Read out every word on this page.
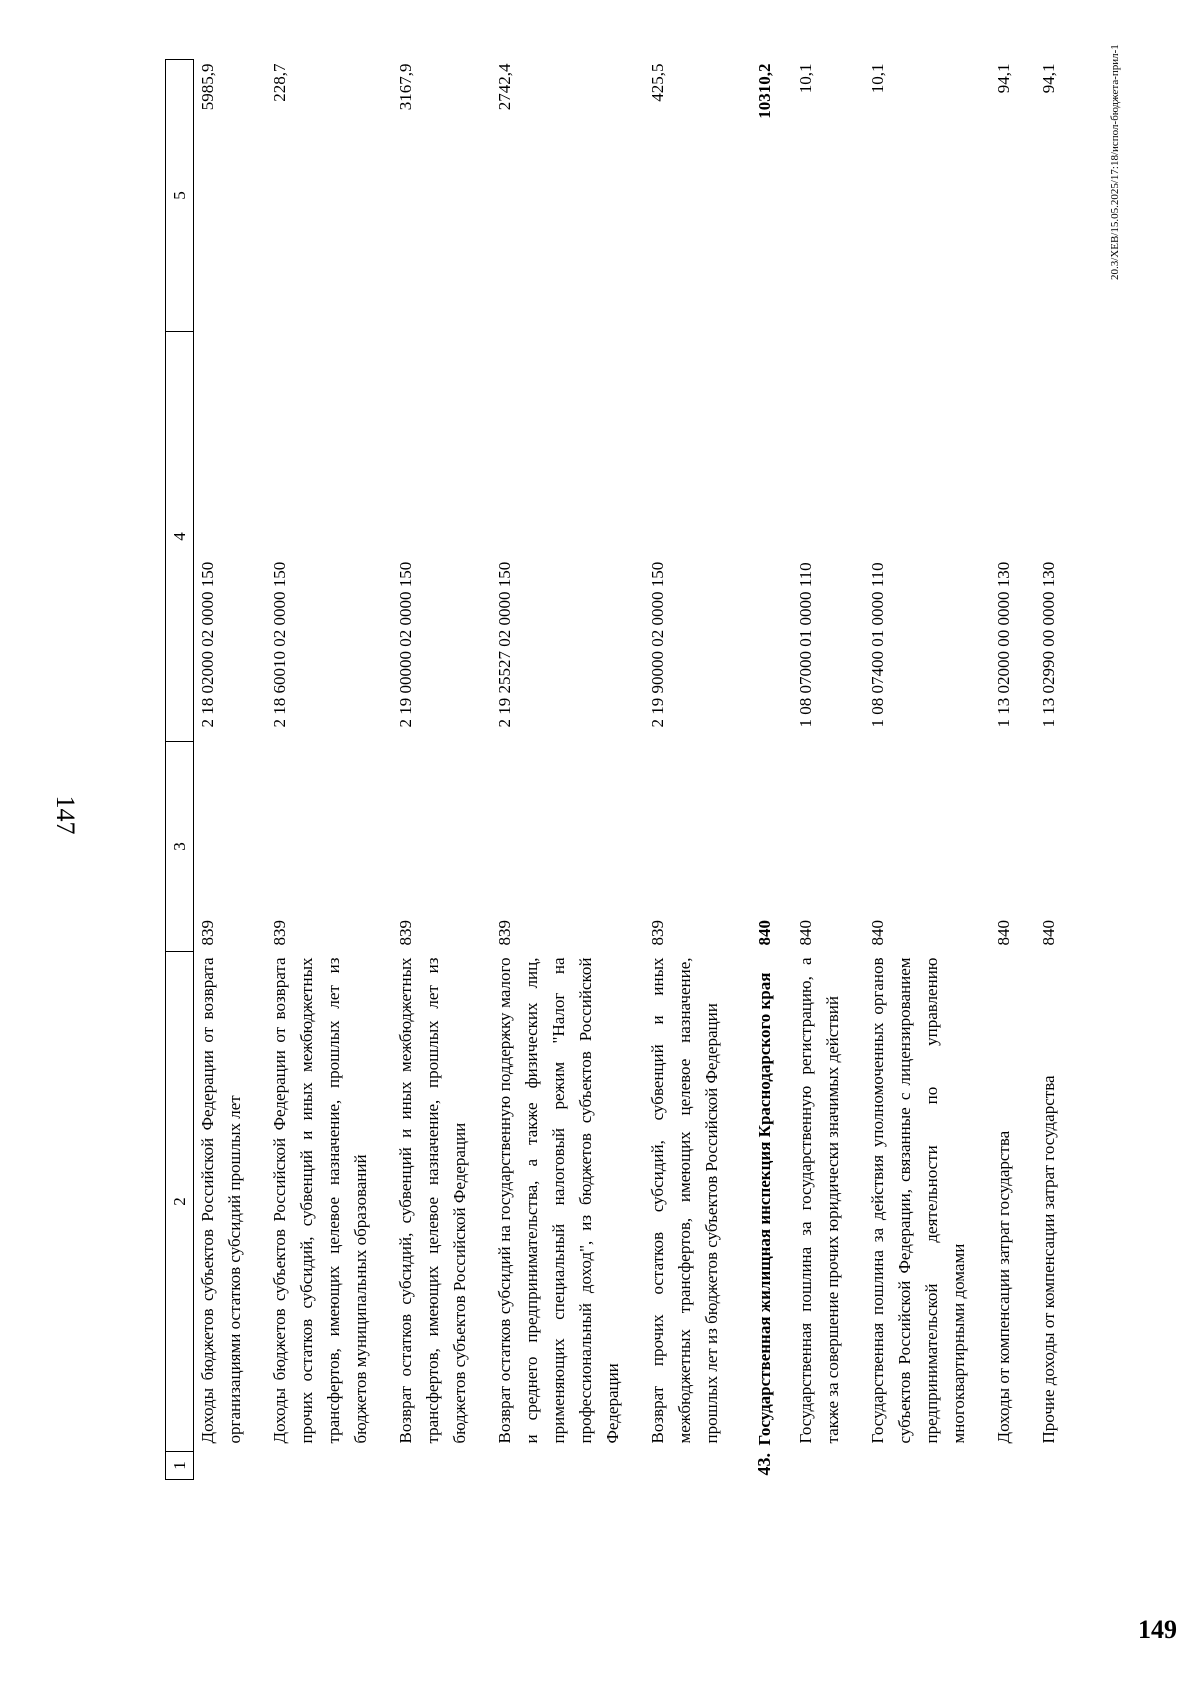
147
149
20.3/XEB/15.05.2025/17:18/испол-бюджета-прил-1
1	2	3	4	5
	Доходы бюджетов субъектов Российской Федерации от возврата организациями остатков субсидий прошлых лет	839	2 18 02000 02 0000 150	5985,9
	Доходы бюджетов субъектов Российской Федерации от возврата прочих остатков субсидий, субвенций и иных межбюджетных трансфертов, имеющих целевое назначение, прошлых лет из бюджетов муниципальных образований	839	2 18 60010 02 0000 150	228,7
	Возврат остатков субсидий, субвенций и иных межбюджетных трансфертов, имеющих целевое назначение, прошлых лет из бюджетов субъектов Российской Федерации	839	2 19 00000 02 0000 150	3167,9
	Возврат остатков субсидий на государственную поддержку малого и среднего предпринимательства, а также физических лиц, применяющих специальный налоговый режим "Налог на профессиональный доход", из бюджетов субъектов Российской Федерации	839	2 19 25527 02 0000 150	2742,4
	Возврат прочих остатков субсидий, субвенций и иных межбюджетных трансфертов, имеющих целевое назначение, прошлых лет из бюджетов субъектов Российской Федерации	839	2 19 90000 02 0000 150	425,5
43.	Государственная жилищная инспекция Краснодарского края	840		10310,2
	Государственная пошлина за государственную регистрацию, а также за совершение прочих юридически значимых действий	840	1 08 07000 01 0000 110	10,1
	Государственная пошлина за действия уполномоченных органов субъектов Российской Федерации, связанные с лицензированием предпринимательской деятельности по управлению многоквартирными домами	840	1 08 07400 01 0000 110	10,1
	Доходы от компенсации затрат государства	840	1 13 02000 00 0000 130	94,1
	Прочие доходы от компенсации затрат государства	840	1 13 02990 00 0000 130	94,1
